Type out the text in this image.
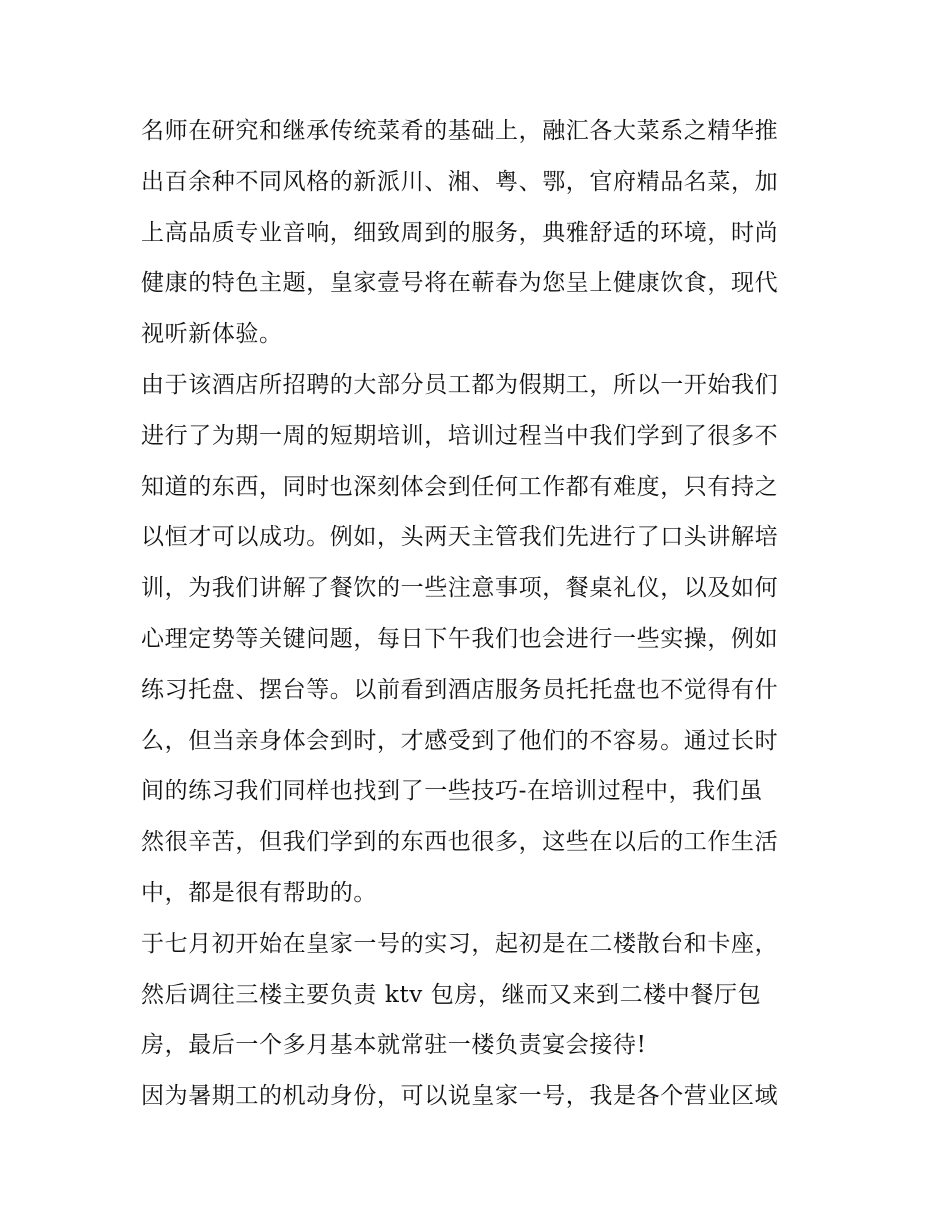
名师在研究和继承传统菜肴的基础上，融汇各大菜系之精华推
出百余种不同风格的新派川、湘、粤、鄂，官府精品名菜，加
上高品质专业音响，细致周到的服务，典雅舒适的环境，时尚
健康的特色主题，皇家壹号将在蕲春为您呈上健康饮食，现代
视听新体验。

由于该酒店所招聘的大部分员工都为假期工，所以一开始我们
进行了为期一周的短期培训，培训过程当中我们学到了很多不
知道的东西，同时也深刻体会到任何工作都有难度，只有持之
以恒才可以成功。例如，头两天主管我们先进行了口头讲解培
训，为我们讲解了餐饮的一些注意事项，餐桌礼仪，以及如何
心理定势等关键问题，每日下午我们也会进行一些实操，例如
练习托盘、摆台等。以前看到酒店服务员托托盘也不觉得有什
么，但当亲身体会到时，才感受到了他们的不容易。通过长时
间的练习我们同样也找到了一些技巧-在培训过程中，我们虽
然很辛苦，但我们学到的东西也很多，这些在以后的工作生活
中，都是很有帮助的。

于七月初开始在皇家一号的实习，起初是在二楼散台和卡座，
然后调往三楼主要负责 ktv 包房，继而又来到二楼中餐厅包
房，最后一个多月基本就常驻一楼负责宴会接待!

因为暑期工的机动身份，可以说皇家一号，我是各个营业区域
